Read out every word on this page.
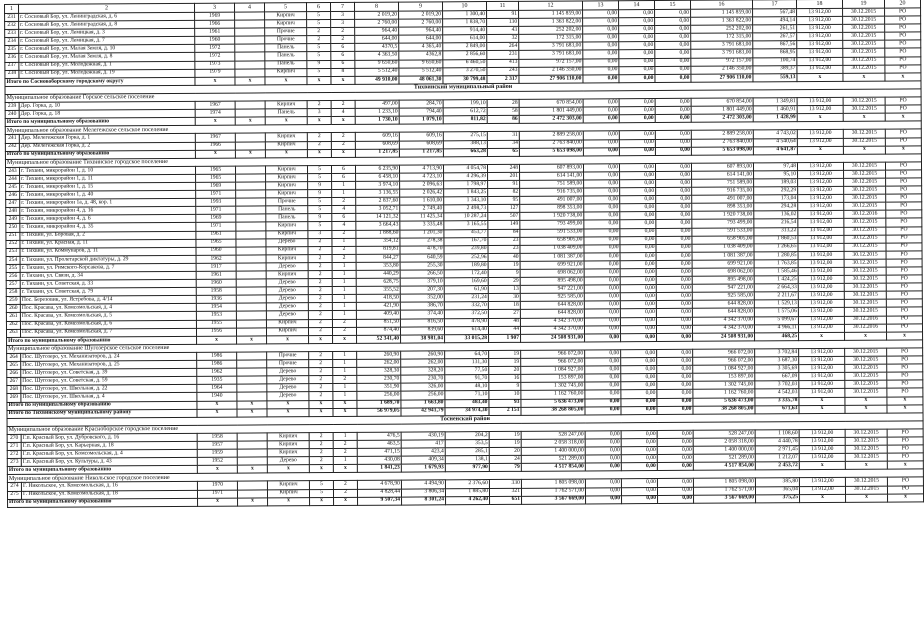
1	2	3	4	5	6	7	8	9	10	11	12	13	14	15	16	17	18	19	20
231	г. Сосновый Бор, ул. Ленинградская, д. 6	1969		Кирпич	5	3	2 019,20	2 019,20	1 300,40	91	1 145 859,00	0,00	0,00	0,00	1 145 859,00	567,48	13 912,00	30.12.2015	РО
232	г. Сосновый Бор, ул. Ленинградская, д. 8	1966		Кирпич	5	3	2 760,00	2 760,00	1 838,70	130	1 363 822,00	0,00	0,00	0,00	1 363 822,00	494,14	13 912,00	30.12.2015	РО
233	г. Сосновый Бор, ул. Лемицкая, д. 3	1961		Прочие	2	2	964,40	964,40	914,40	43	252 202,00	0,00	0,00	0,00	252 202,00	261,51	13 912,00	30.12.2015	РО
234	г. Сосновый Бор, ул. Лемицкая, д. 7	1960		Прочие	2	2	644,00	644,00	614,00	32	172 315,00	0,00	0,00	0,00	172 315,00	267,57	13 912,00	30.12.2015	РО
235	г. Сосновый Бор, ул. Малая Земля, д. 10	1972		Панель	5	6	4370,5	4 365,40	2 849,00	264	3 791 683,00	0,00	0,00	0,00	3 791 683,00	867,56	13 912,00	30.12.2015	РО
236	г. Сосновый Бор, ул. Малая Земля, д. 8	1972		Панель	5	6	4 363,50	4362,8	2 856,60	231	3 791 683,00	0,00	0,00	0,00	3 791 683,00	868,95	13 912,00	30.12.2015	РО
237	г. Сосновый Бор, ул. Молодежная, д. 1	1973		Панель	9	6	9 650,60	9 650,60	6 460,50	413	972 157,00	0,00	0,00	0,00	972 157,00	100,74	13 912,00	30.12.2015	РО
238	г. Сосновый Бор, ул. Молодежная, д. 19	1979		Кирпич	5	8	5 512,40	5 512,40	3 270,50	243	2 146 350,00	0,00	0,00	0,00	2 146 350,00	389,37	13 912,00	30.12.2015	РО
Итого по Сосновоборскому городскому округу		x	x	x	x	x	49 910,00	48 061,30	30 799,48	2 317	27 906 110,00	0,00	0,00	0,00	27 906 110,00	559,13	x	x	x
Тихвинский муниципальный район																			
Муниципальное образование Горское сельское поселение																			
239	Дер. Горка, д. 10	1967		Кирпич	2	2	497,00	284,70	199,10	28	670 854,00	0,00	0,00	0,00	670 854,00	1 349,81	13 912,00	30.12.2015	РО
240	Дер. Горка, д. 18	1974		Панель	3	4	1 233,10	794,40	612,72	58	1 801 449,00	0,00	0,00	0,00	1 801 449,00	1 460,91	13 912,00	30.12.2015	РО
Итого по муниципальному образованию		x	x	x	x	x	1 730,10	1 079,10	811,82	86	2 472 303,00	0,00	0,00	0,00	2 472 303,00	1 428,99	x	x	x
Муниципальное образование Мелегежское сельское поселение																			
241	Дер. Мелегежская Горка, д. 1	1967		Кирпич	2	2	609,16	609,16	275,15	31	2 889 258,00	0,00	0,00	0,00	2 889 258,00	4 743,02	13 912,00	30.12.2015	РО
242	Дер. Мелегежская Горка, д. 2	1966		Кирпич	2	2	608,69	608,69	388,13	34	2 763 840,00	0,00	0,00	0,00	2 763 840,00	4 540,64	13 912,00	30.12.2015	РО
Итого по муниципальному образованию		x	x	x	x	x	1 217,85	1 217,85	663,28	65	5 653 098,00	0,00	0,00	0,00	5 653 098,00	4 641,87	x	x	x
Муниципальное образование Тихвинское городское поселение																			
243	г. Тихвин, микрорайон 1, д. 10	1965		Кирпич	5	6	6 235,90	4 713,90	4 054,78	248	607 893,00	0,00	0,00	0,00	607 893,00	97,48	13 912,00	30.12.2015	РО
244	г. Тихвин, микрорайон 1, д. 11	1965		Кирпич	5	6	6 458,10	4 723,10	4 296,39	201	614 141,00	0,00	0,00	0,00	614 141,00	95,10	13 912,00	30.12.2015	РО
245	г. Тихвин, микрорайон 1, д. 15	1969		Кирпич	9	1	3 974,10	2 096,63	1 798,97	91	751 589,00	0,00	0,00	0,00	751 589,00	189,03	13 912,00	30.12.2015	РО
246	г. Тихвин, микрорайон 1, д. 40	1971		Кирпич	9	1	3 136,55	2 026,42	1 843,25	82	916 735,00	0,00	0,00	0,00	916 735,00	292,29	13 912,00	30.12.2015	РО
247	г. Тихвин, микрорайон 1а, д. 48, кор. 1	1993		Прочие	5	2	2 837,60	1 610,00	1 343,10	95	491 007,00	0,00	0,00	0,00	491 007,00	173,04	13 912,00	30.12.2015	РО
248	г. Тихвин, микрорайон 4, д. 16	1971		Панель	5	4	3 052,71	2 749,40	2 498,73	127	898 353,00	0,00	0,00	0,00	898 353,00	294,28	13 912,00	30.12.2015	РО
249	г. Тихвин, микрорайон 4, д. 6	1969		Панель	9	6	14 121,32	11 425,34	10 287,24	507	1 920 738,00	0,00	0,00	0,00	1 920 738,00	136,02	13 912,00	30.12.2016	РО
250	г. Тихвин, микрорайон 4, д. 35	1971		Кирпич	5	4	3 664,43	3 335,48	3 165,55	149	793 499,00	0,00	0,00	0,00	793 499,00	216,54	13 912,00	30.12.2015	РО
251	г. Тихвин, ул. Боровая, д. 2	1961		Кирпич	3	2	1 888,60	1 201,30	453,77	84	591 533,00	0,00	0,00	0,00	591 533,00	313,22	13 912,00	30.12.2015	РО
252	г. Тихвин, ул. Красная, д. 11	1965		Дерево	2	1	354,12	278,38	167,70	23	658 905,00	0,00	0,00	0,00	658 905,00	1 860,53	13 912,00	30.12.2015	РО
253	г. Тихвин, ул. Коммунаров, д. 11	1960		Кирпич	2	2	819,81	478,70	239,80	23	1 038 409,00	0,00	0,00	0,00	1 038 409,00	1 266,65	13 912,00	30.12.2015	РО
254	г. Тихвин, ул. Пролетарской диктатуры, д. 29	1962		Кирпич	2	2	844,27	640,59	252,96	40	1 081 387,00	0,00	0,00	0,00	1 081 387,00	1 280,85	13 912,00	30.12.2015	РО
255	г. Тихвин, ул. Римского-Корсакова, д. 7	1917		Дерево	2	1	353,80	255,30	189,80	19	699 921,00	0,00	0,00	0,00	699 921,00	1 763,85	13 912,00	30.12.2015	РО
256	г. Тихвин, ул. Связи, д. 34	1961		Кирпич	2	1	440,29	266,50	172,40	9	698 062,00	0,00	0,00	0,00	698 062,00	1 585,46	13 912,00	30.12.2015	РО
257	г. Тихвин, ул. Советская, д. 33	1960		Дерево	2	1	628,75	379,10	169,60	29	895 498,00	0,00	0,00	0,00	895 498,00	1 424,25	13 912,00	30.12.2015	РО
258	г. Тихвин, ул. Советская, д. 79	1958		Дерево	2	1	355,52	207,30	61,90	13	947 221,00	0,00	0,00	0,00	947 221,00	2 664,33	13 912,00	30.12.2015	РО
259	Пос. Березовик, ул. Ястребова, д. 4/14	1936		Дерево	2	1	418,50	352,00	231,24	30	925 585,00	0,00	0,00	0,00	925 585,00	2 211,67	13 912,00	30.12.2015	РО
260	Пос. Красава, ул. Комсомольская, д. 4	1954		Дерево	2	1	421,90	386,70	332,70	18	644 828,00	0,00	0,00	0,00	644 828,00	1 529,13	13 912,00	30.12.2015	РО
261	Пос. Красава, ул. Комсомольская, д. 5	1953		Дерево	2	1	409,40	374,40	372,50	27	644 828,00	0,00	0,00	0,00	644 828,00	1 575,06	13 912,00	30.12.2015	РО
262	Пос. Красава, ул. Комсомольская, д. 6	1955		Кирпич	2	2	851,50	816,50	478,90	48	4 342 370,00	0,00	0,00	0,00	4 342 370,00	5 099,67	13 912,00	30.12.2016	РО
263	Пос. Красава, ул. Комсомольская, д. 7	1956		Кирпич	2	2	874,40	839,60	614,40	44	4 342 370,00	0,00	0,00	0,00	4 342 370,00	4 966,11	13 912,00	30.12.2016	РО
Итого по муниципальному образованию		x	x	x	x	x	52 341,40	38 981,04	33 015,28	1 907	24 508 931,00	0,00	0,00	0,00	24 508 931,00	468,25	x	x	x
Муниципальное образование Шугозерское сельское поселение																			
264	Пос. Шугозеро, ул. Механизаторов, д. 24	1986		Прочие	2	1	260,90	260,90	64,70	19	966 072,00	0,00	0,00	0,00	966 072,00	3 702,84	13 912,00	30.12.2015	РО
265	Пос. Шугозеро, ул. Механизаторов, д. 25	1986		Прочие	2	1	262,00	262,00	131,30	19	966 072,00	0,00	0,00	0,00	966 072,00	3 687,30	13 912,00	30.12.2015	РО
266	Пос. Шугозеро, ул. Советская, д. 39	1962		Дерево	2	1	328,30	328,20	77,50	20	1 084 927,00	0,00	0,00	0,00	1 084 927,00	3 305,69	13 912,00	30.12.2015	РО
267	Пос. Шугозеро, ул. Советская, д. 59	1935		Дерево	2	2	230,70	230,70	91,70	16	153 897,00	0,00	0,00	0,00	153 897,00	667,09	13 912,00	30.12.2015	РО
268	Пос. Шугозеро, ул. Школьная, д. 22	1964		Дерево	2	1	351,90	326,00	48,10	9	1 302 745,00	0,00	0,00	0,00	1 302 745,00	3 702,03	13 912,00	30.12.2015	РО
269	Пос. Шугозеро, ул. Школьная, д. 4	1940		Дерево	2	1	256,00	256,00	71,10	10	1 162 760,00	0,00	0,00	0,00	1 162 760,00	4 542,03	13 912,00	30.12.2015	РО
Итого по муниципальному образованию		x	x	x	x	x	1 689,70	1 663,80	483,40	93	5 636 473,00	0,00	0,00	0,00	5 636 473,00	3 335,78	x	x	x
Итого по Тихвинскому муниципальному району		x	x	x	x	x	56 979,05	42 941,79	34 974,30	2 151	38 268 805,00	0,00	0,00	0,00	38 268 805,00	671,63	x	x	x
Тосненский район																			
Муниципальное образование Красноборское городское поселение																			
270	Г.п. Красный Бор, ул. Дубровского, д. 16	1958		Кирпич	2	1	476,5	430,19	204,2	19	528 247,00	0,00	0,00	0,00	528 247,00	1 108,60	13 912,00	30.12.2015	РО
271	Г.п. Красный Бор, ул. Карьерная, д. 18	1957		Кирпич	2	2	463,5	417	353,5	19	2 058 318,00	0,00	0,00	0,00	2 058 318,00	4 440,78	13 912,00	30.12.2015	РО
272	Г.п. Красный Бор, ул. Комсомольская, д. 4	1959		Кирпич	2	2	471,15	423,4	285,1	20	1 400 000,00	0,00	0,00	0,00	1 400 000,00	2 971,45	13 912,00	30.12.2015	РО
273	Г.п. Красный Бор, ул. Культуры, д. 43	1952		Дерево	2	1	430,08	409,34	138,1	24	521 289,00	0,00	0,00	0,00	521 289,00	1 212,07	13 912,00	30.12.2015	РО
Итого по муниципальному образованию		x	x	x	x	x	1 841,23	1 679,93	977,90	79	4 517 854,00	0,00	0,00	0,00	4 517 854,00	2 453,72	x	x	x
Муниципальное образование Никольское городское поселение																			
274	Г. Никольское, ул. Комсомольская, д. 16	1970		Кирпич	5	2	4 678,90	4 494,90	2 376,60	330	1 805 098,00	0,00	0,00	0,00	1 805 098,00	385,80	13 912,00	30.12.2015	РО
275	Г. Никольское, ул. Комсомольская, д. 18	1971		Кирпич	5	2	4 828,44	3 806,34	1 885,80	321	1 762 571,00	0,00	0,00	0,00	1 762 571,00	365,04	13 912,00	30.12.2015	РО
Итого по муниципальному образованию		x	x	x	x	x	9 507,34	8 301,24	4 262,40	651	3 567 669,00	0,00	0,00	0,00	3 567 669,00	375,25	x	x	x
